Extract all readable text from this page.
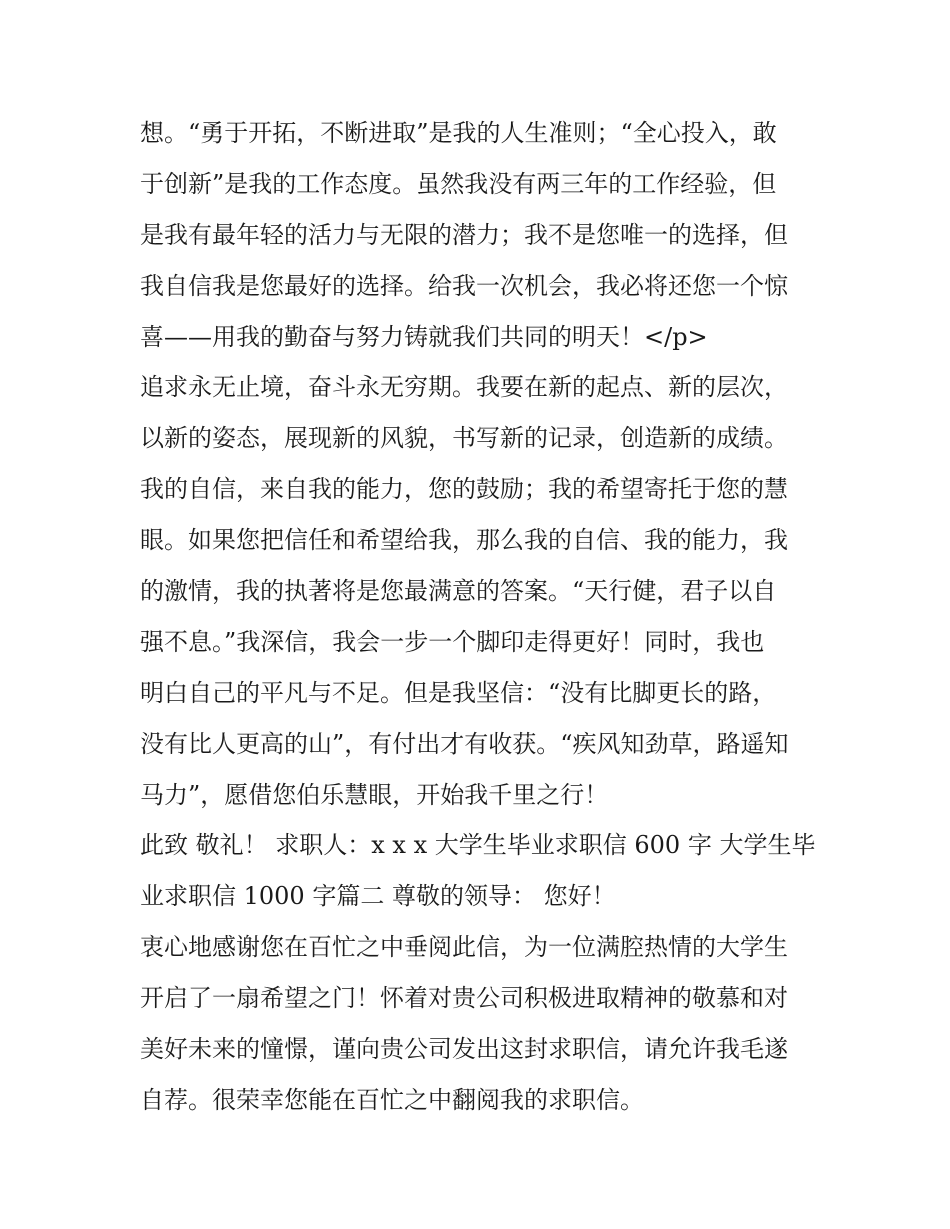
想。“勇于开拓，不断进取”是我的人生准则；“全心投入，敢
于创新”是我的工作态度。虽然我没有两三年的工作经验，但
是我有最年轻的活力与无限的潜力；我不是您唯一的选择，但
我自信我是您最好的选择。给我一次机会，我必将还您一个惊
喜——用我的勤奋与努力铸就我们共同的明天！</p>
追求永无止境，奋斗永无穷期。我要在新的起点、新的层次，
以新的姿态，展现新的风貌，书写新的记录，创造新的成绩。
我的自信，来自我的能力，您的鼓励；我的希望寄托于您的慧
眼。如果您把信任和希望给我，那么我的自信、我的能力，我
的激情，我的执著将是您最满意的答案。“天行健，君子以自
强不息。”我深信，我会一步一个脚印走得更好！同时，我也
明白自己的平凡与不足。但是我坚信：“没有比脚更长的路，
没有比人更高的山”，有付出才有收获。“疾风知劲草，路遥知
马力”，愿借您伯乐慧眼，开始我千里之行！
此致 敬礼！ 求职人：x x x 大学生毕业求职信 600 字 大学生毕
业求职信 1000 字篇二 尊敬的领导： 您好！
衷心地感谢您在百忙之中垂阅此信，为一位满腔热情的大学生
开启了一扇希望之门！怀着对贵公司积极进取精神的敬慕和对
美好未来的憧憬，谨向贵公司发出这封求职信，请允许我毛遂
自荐。很荣幸您能在百忙之中翻阅我的求职信。
